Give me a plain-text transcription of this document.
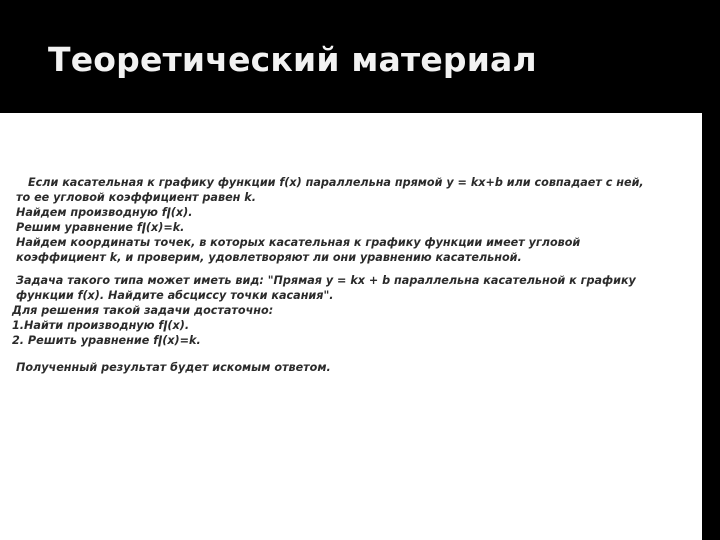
Теоретический материал
Если касательная к графику функции f(x) параллельна прямой y = kx+b или совпадает с ней,
то ее угловой коэффициент равен k.
Найдем производную fǀ(x).
Решим уравнение fǀ(x)=k.
Найдем координаты точек, в которых касательная к графику функции имеет угловой
коэффициент k, и проверим, удовлетворяют ли они уравнению касательной.
Задача такого типа может иметь вид: "Прямая y = kx + b параллельна касательной к графику
функции f(x). Найдите абсциссу точки касания".
Для решения такой задачи достаточно:
1.Найти производную fǀ(x).
2. Решить уравнение fǀ(x)=k.
Полученный результат будет искомым ответом.
